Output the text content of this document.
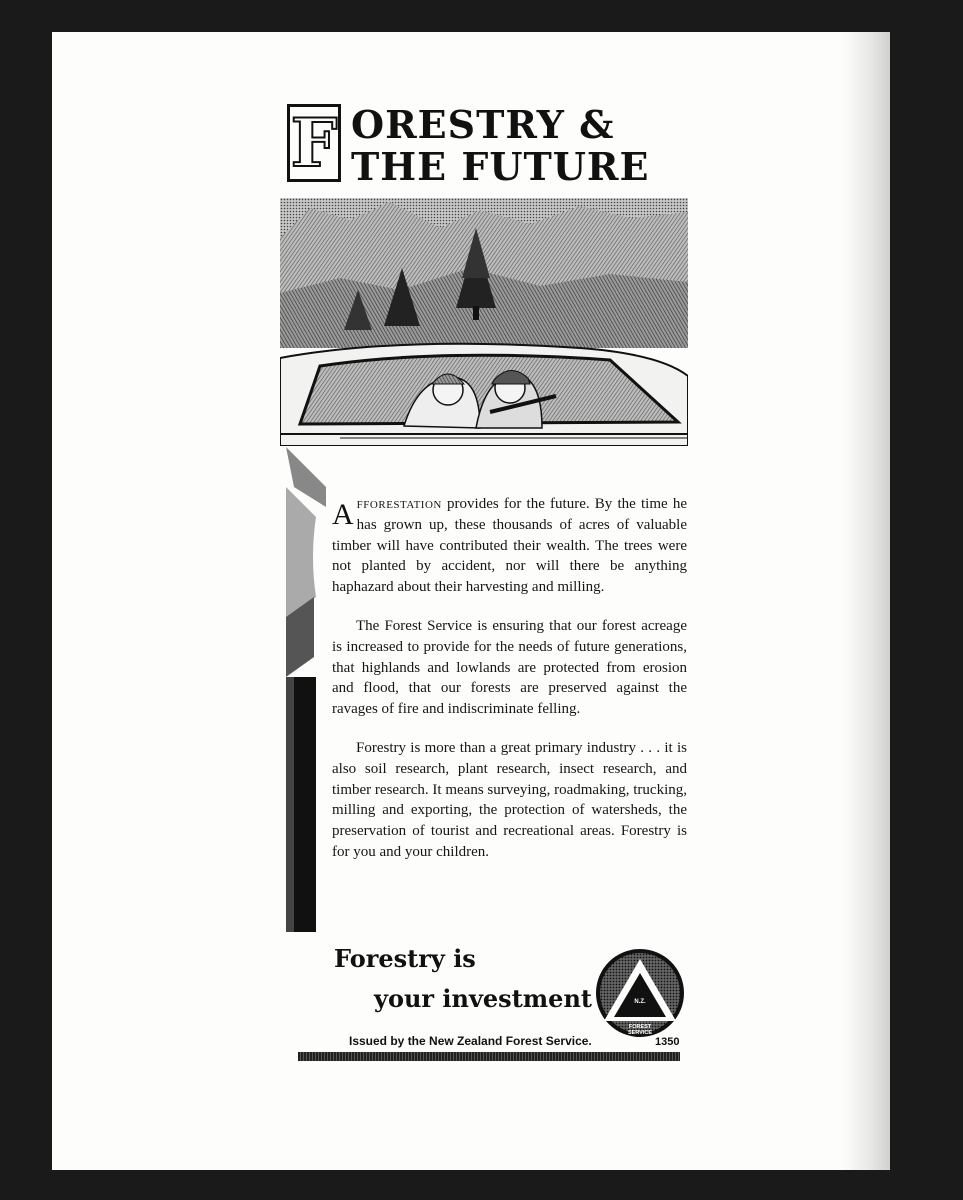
F ORESTRY &
THE FUTURE

Afforestation provides for the future. By the time he has grown up, these thousands of acres of valuable timber will have contributed their wealth. The trees were not planted by accident, nor will there be anything haphazard about their harvesting and milling.

The Forest Service is ensuring that our forest acreage is increased to provide for the needs of future generations, that highlands and lowlands are protected from erosion and flood, that our forests are preserved against the ravages of fire and indiscriminate felling.

Forestry is more than a great primary industry . . . it is also soil research, plant research, insect research, and timber research. It means surveying, roadmaking, trucking, milling and exporting, the protection of watersheds, the preservation of tourist and recreational areas. Forestry is for you and your children.

Forestry is
your investment	N.Z.
FOREST
SERVICE
Issued by the New Zealand Forest Service.	1350
